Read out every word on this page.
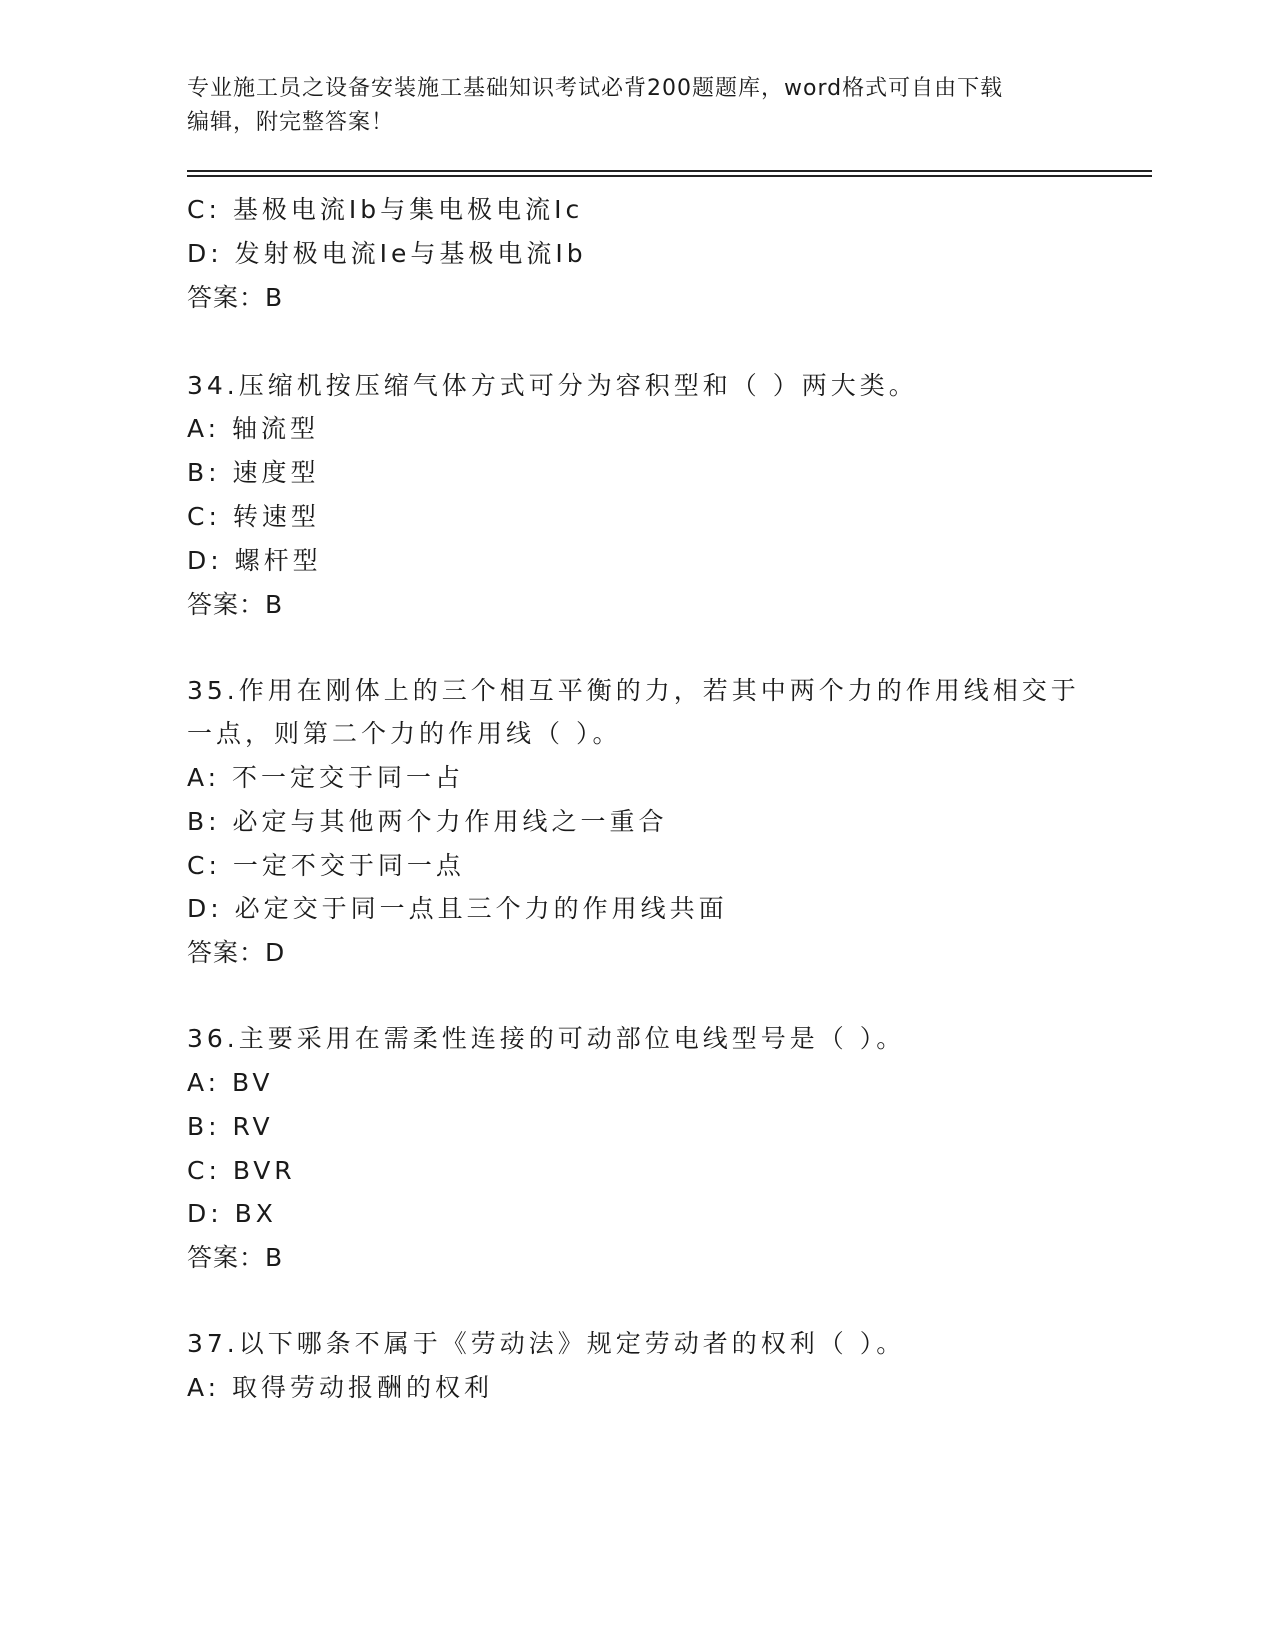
专业施工员之设备安装施工基础知识考试必背200题题库，word格式可自由下载
编辑，附完整答案！
C: 基极电流Ib与集电极电流Ic
D: 发射极电流Ie与基极电流Ib
答案：B
34.压缩机按压缩气体方式可分为容积型和（ ）两大类。
A: 轴流型
B: 速度型
C: 转速型
D: 螺杆型
答案：B
35.作用在刚体上的三个相互平衡的力，若其中两个力的作用线相交于
一点，则第二个力的作用线（ ）。
A: 不一定交于同一占
B: 必定与其他两个力作用线之一重合
C: 一定不交于同一点
D: 必定交于同一点且三个力的作用线共面
答案：D
36.主要采用在需柔性连接的可动部位电线型号是（ ）。
A: BV
B: RV
C: BVR
D: BX
答案：B
37.以下哪条不属于《劳动法》规定劳动者的权利（ ）。
A: 取得劳动报酬的权利
